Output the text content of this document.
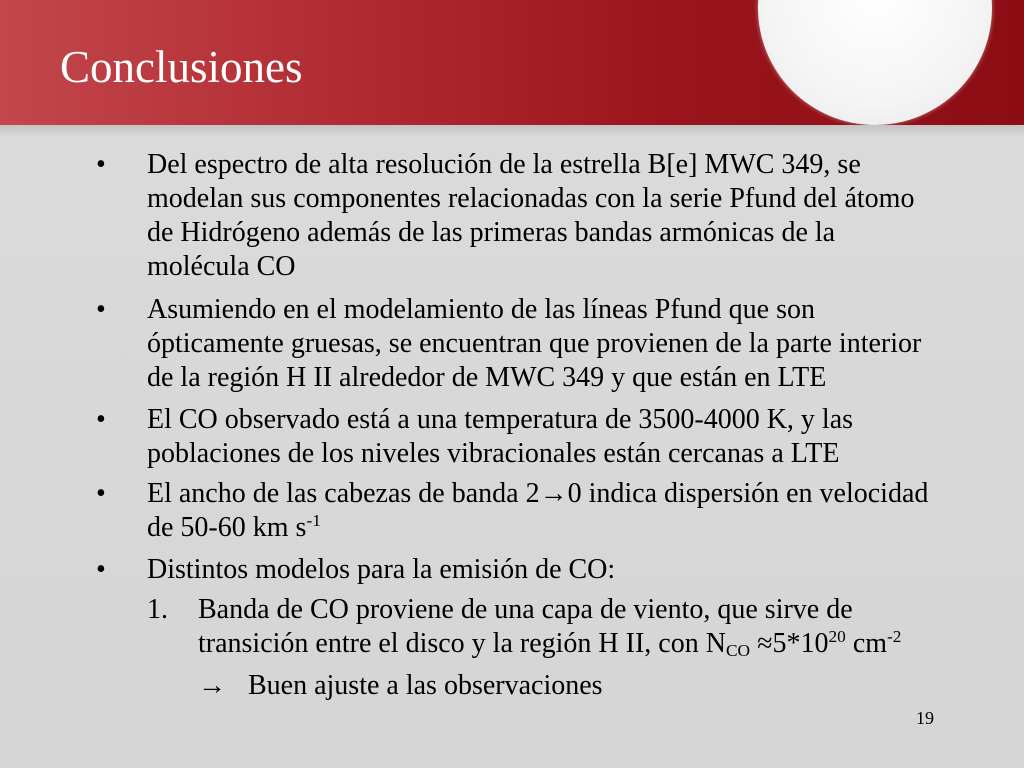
Conclusiones
• Del espectro de alta resolución de la estrella B[e] MWC 349, se
modelan sus componentes relacionadas con la serie Pfund del átomo
de Hidrógeno además de las primeras bandas armónicas de la
molécula CO
• Asumiendo en el modelamiento de las líneas Pfund que son
ópticamente gruesas, se encuentran que provienen de la parte interior
de la región H II alrededor de MWC 349 y que están en LTE
• El CO observado está a una temperatura de 3500-4000 K, y las
poblaciones de los niveles vibracionales están cercanas a LTE
• El ancho de las cabezas de banda 2→0 indica dispersión en velocidad
de 50-60 km $s^{-1}$
• Distintos modelos para la emisión de CO:
1. Banda de CO proviene de una capa de viento, que sirve de
transición entre el disco y la región H II, con NCO $\approx 5*10^{20}$ $cm^{-2}$
→ Buen ajuste a las observaciones
19
